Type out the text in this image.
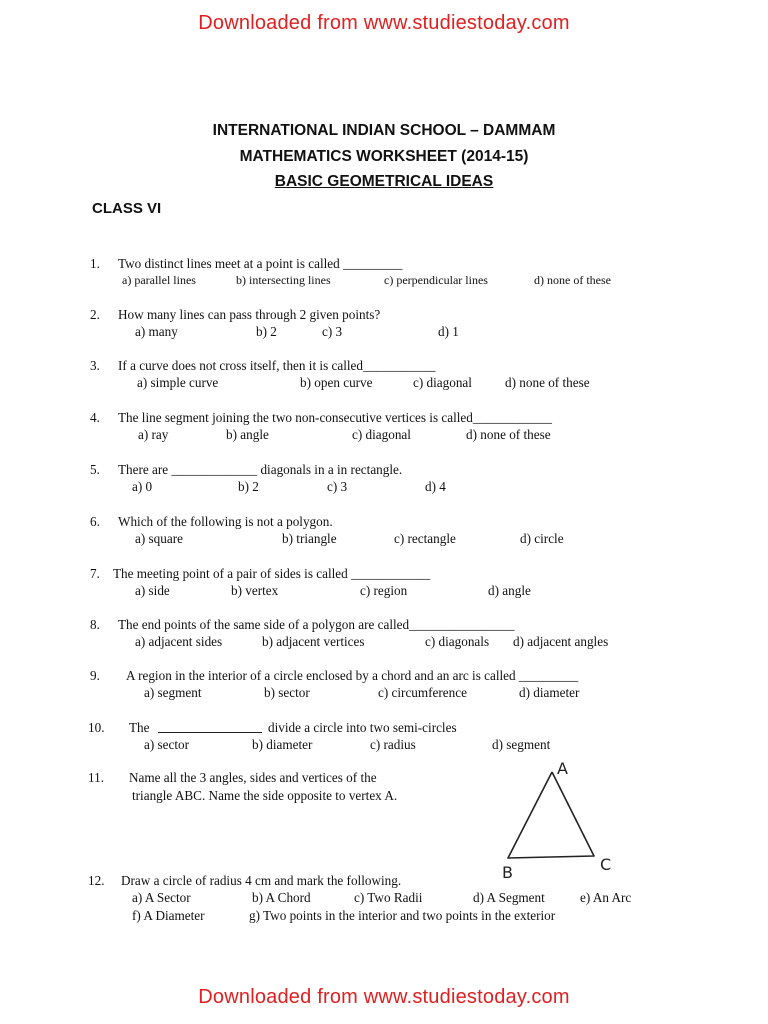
Downloaded from www.studiestoday.com
INTERNATIONAL INDIAN SCHOOL – DAMMAM
MATHEMATICS WORKSHEET (2014-15)
BASIC GEOMETRICAL IDEAS
CLASS VI
1. Two distinct lines meet at a point is called _________
a) parallel lines	b) intersecting lines	c) perpendicular lines	d) none of these
2. How many lines can pass through 2 given points?
a) many	b) 2	c) 3	d) 1
3. If a curve does not cross itself, then it is called___________
a) simple curve	b) open curve	c) diagonal	d) none of these
4. The line segment joining the two non-consecutive vertices is called____________
a) ray	b) angle	c) diagonal	d) none of these
5. There are _____________ diagonals in a in rectangle.
a) 0	b) 2	c) 3	d) 4
6. Which of the following is not a polygon.
a) square	b) triangle	c) rectangle	d) circle
7. The meeting point of a pair of sides is called ____________
a) side	b) vertex	c) region	d) angle
8. The end points of the same side of a polygon are called________________
a) adjacent sides	b) adjacent vertices	c) diagonals d) adjacent angles
9. A region in the interior of a circle enclosed by a chord and an arc is called _________
a) segment	b) sector	c) circumference	d) diameter
10. The	divide a circle into two semi-circles
a) sector	b) diameter	c) radius	d) segment
11. Name all the 3 angles, sides and vertices of the
triangle ABC. Name the side opposite to vertex A.
A
B	C
12. Draw a circle of radius 4 cm and mark the following.
a) A Sector	b) A Chord	c) Two Radii	d) A Segment	e) An Arc
f) A Diameter	g) Two points in the interior and two points in the exterior
Downloaded from www.studiestoday.com
